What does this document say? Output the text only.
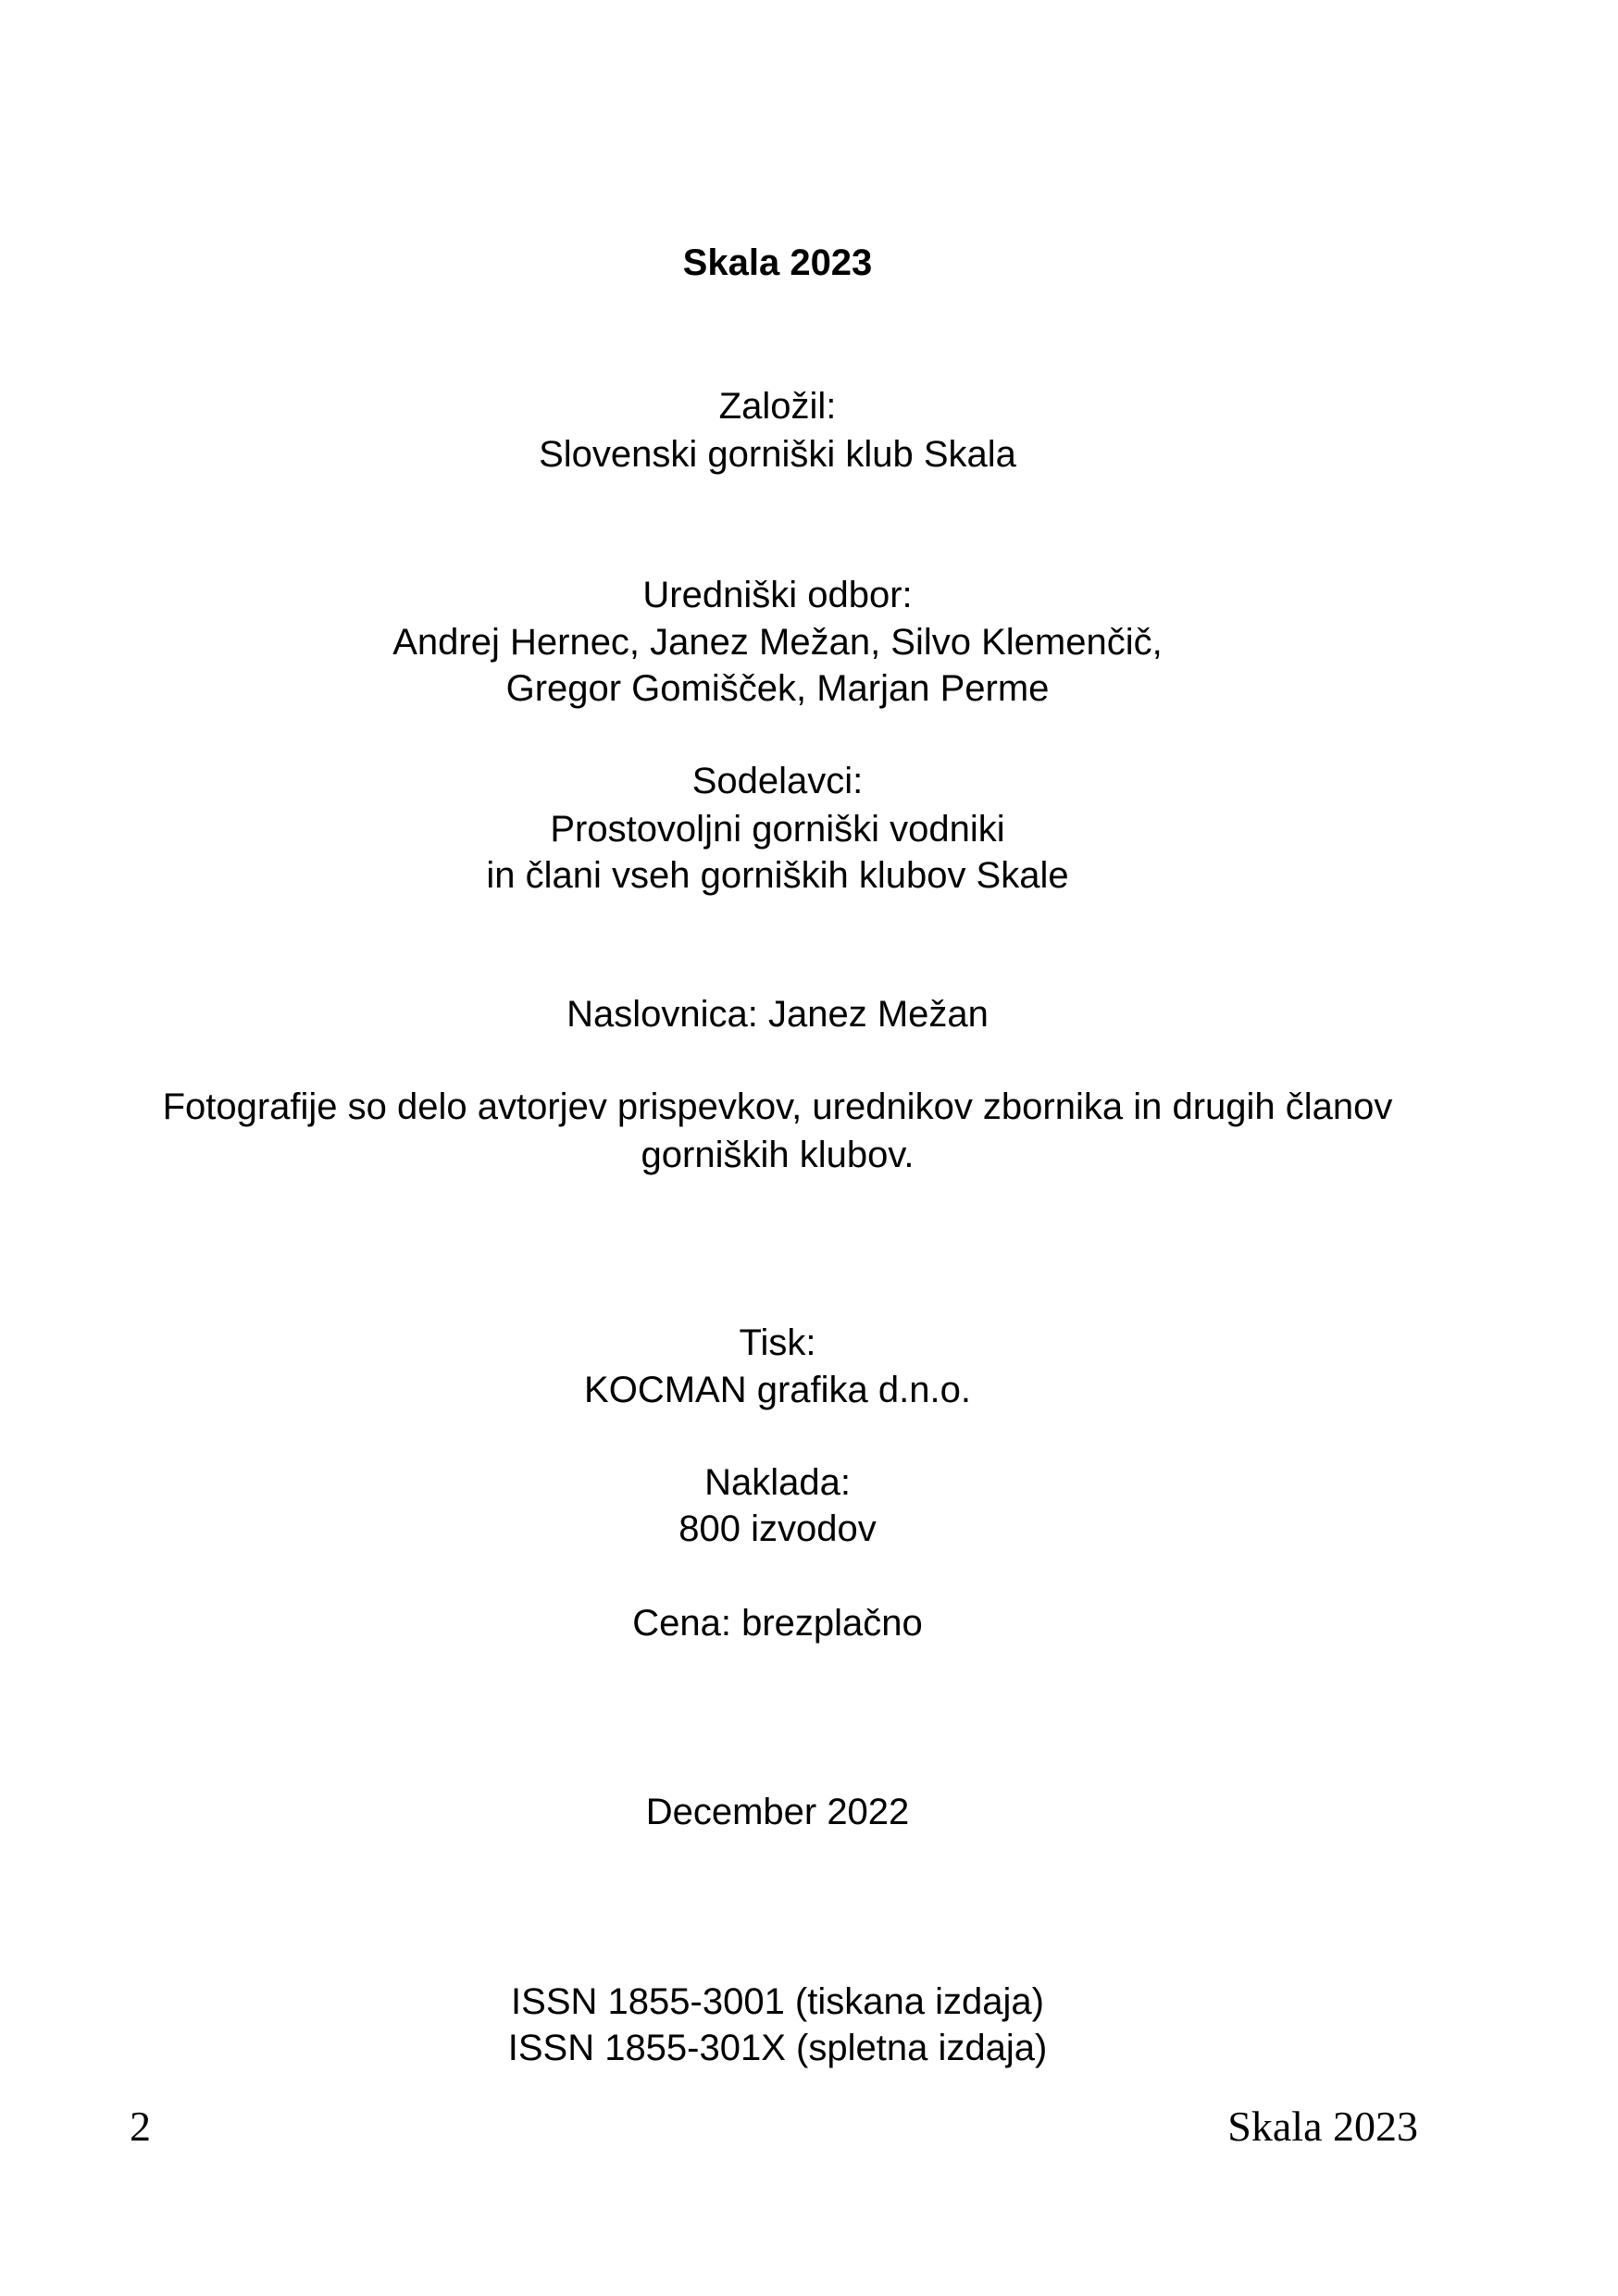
Skala 2023
Založil:
Slovenski gorniški klub Skala
Uredniški odbor:
Andrej Hernec, Janez Mežan, Silvo Klemenčič,
Gregor Gomišček, Marjan Perme
Sodelavci:
Prostovoljni gorniški vodniki
in člani vseh gorniških klubov Skale
Naslovnica: Janez Mežan
Fotografije so delo avtorjev prispevkov, urednikov zbornika in drugih članov
gorniških klubov.
Tisk:
KOCMAN grafika d.n.o.
Naklada:
800 izvodov
Cena: brezplačno
December 2022
ISSN 1855-3001 (tiskana izdaja)
ISSN 1855-301X (spletna izdaja)
2	Skala 2023
